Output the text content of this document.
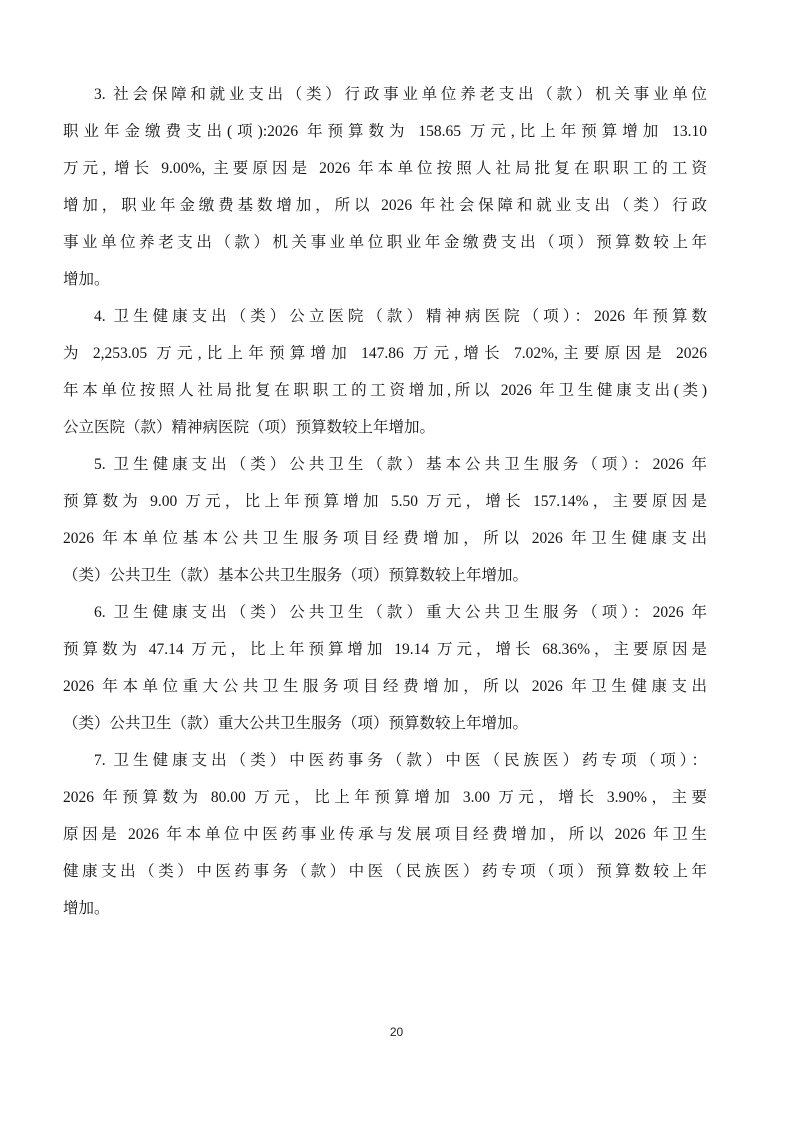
3. 社会保障和就业支出（类）行政事业单位养老支出（款）机关事业单位
职业年金缴费支出(项):2026 年预算数为 158.65 万元,比上年预算增加 13.10
万元, 增长 9.00%, 主要原因是 2026 年本单位按照人社局批复在职职工的工资
增加，职业年金缴费基数增加，所以 2026 年社会保障和就业支出（类）行政
事业单位养老支出（款）机关事业单位职业年金缴费支出（项）预算数较上年
增加。
4. 卫生健康支出（类）公立医院（款）精神病医院（项）：2026 年预算数
为 2,253.05 万元,比上年预算增加 147.86 万元,增长 7.02%,主要原因是 2026
年本单位按照人社局批复在职职工的工资增加,所以 2026 年卫生健康支出(类)
公立医院（款）精神病医院（项）预算数较上年增加。
5. 卫生健康支出（类）公共卫生（款）基本公共卫生服务（项）：2026 年
预算数为 9.00 万元，比上年预算增加 5.50 万元，增长 157.14%，主要原因是
2026 年本单位基本公共卫生服务项目经费增加，所以 2026 年卫生健康支出
（类）公共卫生（款）基本公共卫生服务（项）预算数较上年增加。
6. 卫生健康支出（类）公共卫生（款）重大公共卫生服务（项）：2026 年
预算数为 47.14 万元，比上年预算增加 19.14 万元，增长 68.36%，主要原因是
2026 年本单位重大公共卫生服务项目经费增加，所以 2026 年卫生健康支出
（类）公共卫生（款）重大公共卫生服务（项）预算数较上年增加。
7. 卫生健康支出（类）中医药事务（款）中医（民族医）药专项（项）：
2026 年预算数为 80.00 万元，比上年预算增加 3.00 万元，增长 3.90%，主要
原因是 2026 年本单位中医药事业传承与发展项目经费增加，所以 2026 年卫生
健康支出（类）中医药事务（款）中医（民族医）药专项（项）预算数较上年
增加。
20
